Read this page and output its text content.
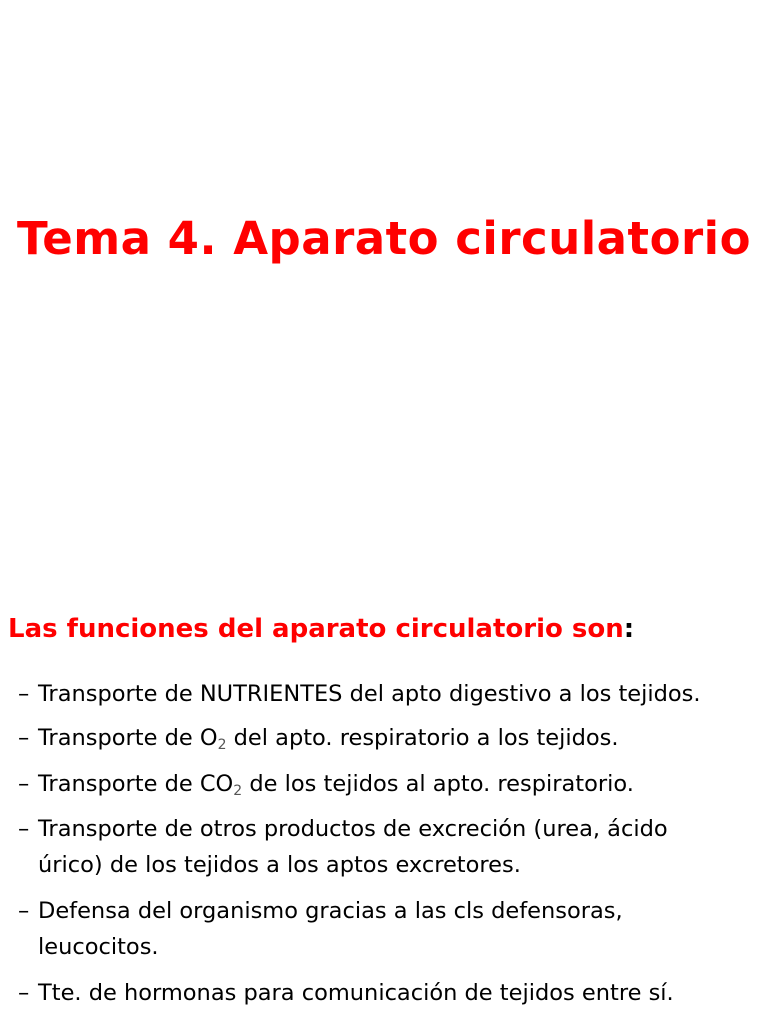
Tema 4. Aparato circulatorio
Las funciones del aparato circulatorio son:
– Transporte de NUTRIENTES del apto digestivo a los tejidos.
– Transporte de $O_2$ del apto. respiratorio a los tejidos.
– Transporte de $CO_2$ de los tejidos al apto. respiratorio.
– Transporte de otros productos de excreción (urea, ácido
úrico) de los tejidos a los aptos excretores.
– Defensa del organismo gracias a las cls defensoras,
leucocitos.
– Tte. de hormonas para comunicación de tejidos entre sí.
